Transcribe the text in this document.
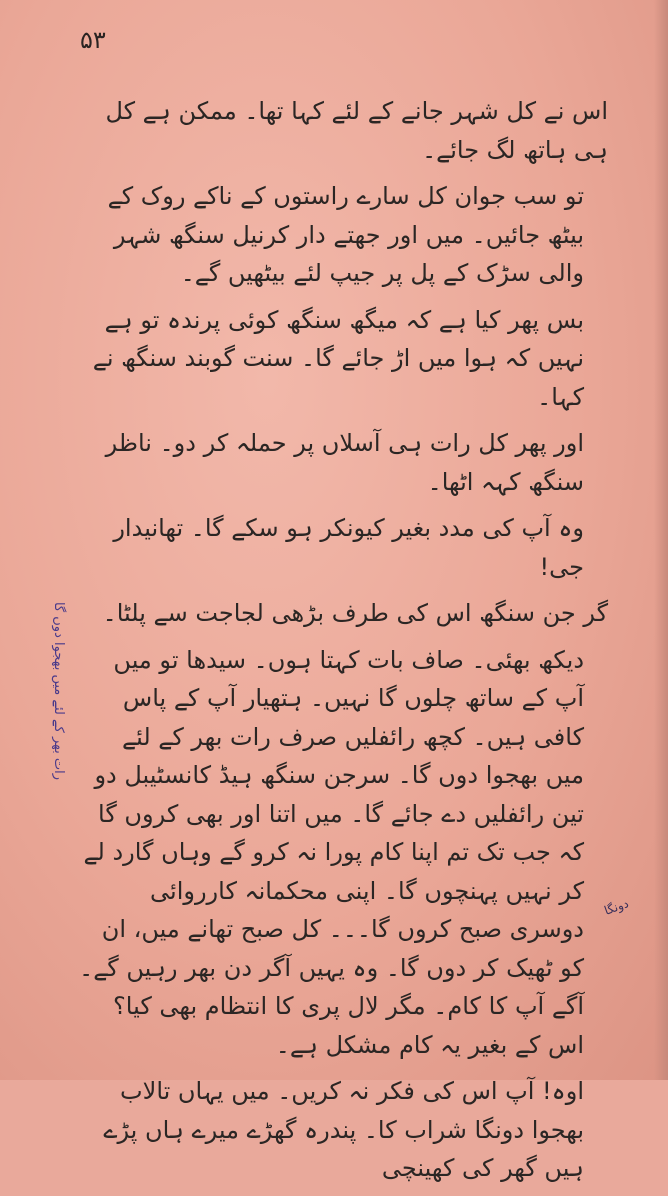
۵۳

اس نے کل شہر جانے کے لئے کہا تھا۔ ممکن ہے کل ہی ہاتھ لگ جائے۔

تو سب جوان کل سارے راستوں کے ناکے روک کے بیٹھ جائیں۔ میں اور جھتے دار کرنیل سنگھ شہر والی سڑک کے پل پر جیپ لئے بیٹھیں گے۔

بس پھر کیا ہے کہ میگھ سنگھ کوئی پرندہ تو ہے نہیں کہ ہوا میں اڑ جائے گا۔ سنت گوبند سنگھ نے کہا۔

اور پھر کل رات ہی آسلاں پر حملہ کر دو۔ ناظر سنگھ کہہ اٹھا۔

وہ آپ کی مدد بغیر کیونکر ہو سکے گا۔ تھانیدار جی!

گر جن سنگھ اس کی طرف بڑھی لجاجت سے پلٹا۔

دیکھ بھئی۔ صاف بات کہتا ہوں۔ سیدھا تو میں آپ کے ساتھ چلوں گا نہیں۔ ہتھیار آپ کے پاس کافی ہیں۔ کچھ رائفلیں صرف رات بھر کے لئے میں بھجوا دوں گا۔ سرجن سنگھ ہیڈ کانسٹیبل دو تین رائفلیں دے جائے گا۔ میں اتنا اور بھی کروں گا کہ جب تک تم اپنا کام پورا نہ کرو گے وہاں گارد لے کر نہیں پہنچوں گا۔ اپنی محکمانہ کارروائی دوسری صبح کروں گا۔۔۔ کل صبح تھانے میں، ان کو ٹھیک کر دوں گا۔ وہ یہیں آگر دن بھر رہیں گے۔ آگے آپ کا کام۔ مگر لال پری کا انتظام بھی کیا؟ اس کے بغیر یہ کام مشکل ہے۔

اوہ! آپ اس کی فکر نہ کریں۔ میں یہاں تالاب بھجوا دونگا شراب کا۔ پندرہ گھڑے میرے ہاں پڑے ہیں گھر کی کھینچی

رات بھر کے لئے میں بھجوا دوں گا
دونگا
